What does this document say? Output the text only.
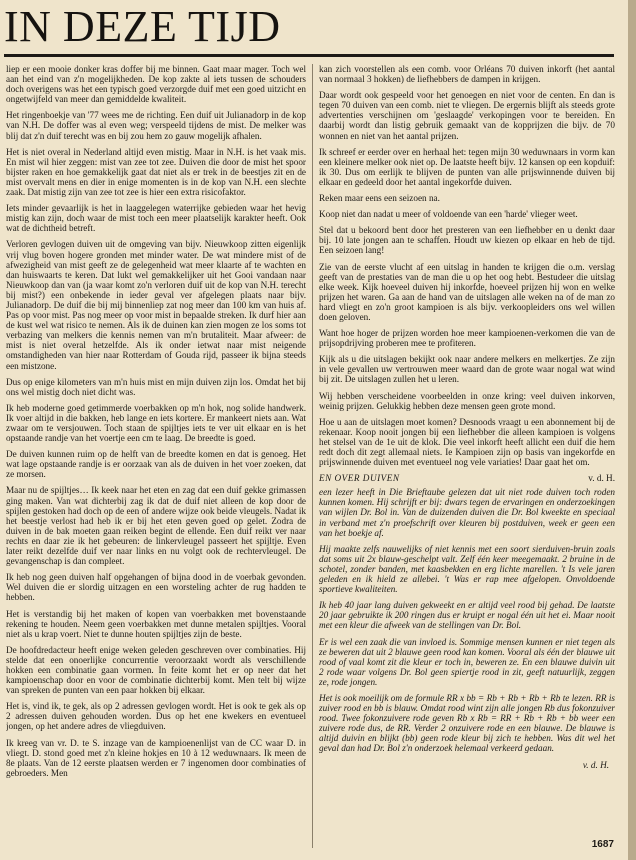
IN DEZE TIJD

liep er een mooie donker kras doffer bij me binnen. Gaat maar mager. Toch wel aan het eind van z'n mogelijkheden. De kop zakte al iets tussen de schouders doch overigens was het een typisch goed verzorgde duif met een goed uitzicht en ongetwijfeld van meer dan gemiddelde kwaliteit.

Het ringenboekje van '77 wees me de richting. Een duif uit Julianadorp in de kop van N.H. De doffer was al even weg; verspeeld tijdens de mist. De melker was blij dat z'n duif terecht was en bij zou hem zo gauw mogelijk afhalen.

Het is niet overal in Nederland altijd even mistig. Maar in N.H. is het vaak mis. En mist wil hier zeggen: mist van zee tot zee. Duiven die door de mist het spoor bijster raken en hoe gemakkelijk gaat dat niet als er trek in de beestjes zit en de mist overvalt mens en dier in enige momenten is in de kop van N.H. een slechte zaak. Dat mistig zijn van zee tot zee is hier een extra risicofaktor.

Iets minder gevaarlijk is het in laaggelegen waterrijke gebieden waar het hevig mistig kan zijn, doch waar de mist toch een meer plaatselijk karakter heeft. Ook wat de dichtheid betreft.

Verloren gevlogen duiven uit de omgeving van bijv. Nieuwkoop zitten eigenlijk vrij vlug boven hogere gronden met minder water. De wat mindere mist of de afwezigheid van mist geeft ze de gelegenheid wat meer klaarte af te wachten en dan huiswaarts te keren. Dat lukt wel gemakkelijker uit het Gooi vandaan naar Nieuwkoop dan van (ja waar komt zo'n verloren duif uit de kop van N.H. terecht bij mist?) een onbekende in ieder geval ver afgelegen plaats naar bijv. Julianadorp. De duif die bij mij binnenliep zat nog meer dan 100 km van huis af. Pas op voor mist. Pas nog meer op voor mist in bepaalde streken. Ik durf hier aan de kust wel wat risico te nemen. Als ik de duinen kan zien mogen ze los soms tot verbazing van melkers die kennis nemen van m'n brutaliteit. Maar afweer: de mist is niet overal hetzelfde. Als ik onder ietwat naar mist neigende omstandigheden van hier naar Rotterdam of Gouda rijd, passeer ik bijna steeds een mistzone.

Dus op enige kilometers van m'n huis mist en mijn duiven zijn los. Omdat het bij ons wel mistig doch niet dicht was.

Ik heb moderne goed getimmerde voerbakken op m'n hok, nog solide handwerk. Ik voer altijd in die bakken, heb lange en iets kortere. Er mankeert niets aan. Wat zwaar om te versjouwen. Toch staan de spijltjes iets te ver uit elkaar en is het opstaande randje van het voertje een cm te laag. De breedte is goed.

De duiven kunnen ruim op de helft van de breedte komen en dat is genoeg. Het wat lage opstaande randje is er oorzaak van als de duiven in het voer zoeken, dat ze morsen.

Maar nu de spijltjes… Ik keek naar het eten en zag dat een duif gekke grimassen ging maken. Van wat dichterbij zag ik dat de duif niet alleen de kop door de spijlen gestoken had doch op de een of andere wijze ook beide vleugels. Nadat ik het beestje verlost had heb ik er bij het eten geven goed op gelet. Zodra de duiven in de bak moeten gaan reiken begint de ellende. Een duif reikt ver naar rechts en daar zie ik het gebeuren: de linkervleugel passeert het spijltje. Even later reikt dezelfde duif ver naar links en nu volgt ook de rechtervleugel. De gevangenschap is dan compleet.

Ik heb nog geen duiven half opgehangen of bijna dood in de voerbak gevonden. Wel duiven die er slordig uitzagen en een worsteling achter de rug hadden te hebben.

Het is verstandig bij het maken of kopen van voerbakken met bovenstaande rekening te houden. Neem geen voerbakken met dunne metalen spijltjes. Vooral niet als u krap voert. Niet te dunne houten spijltjes zijn de beste.

De hoofdredacteur heeft enige weken geleden geschreven over combinaties. Hij stelde dat een onoerlijke concurrentie veroorzaakt wordt als verschillende hokken een combinatie gaan vormen. In feite komt het er op neer dat het kampioenschap door en voor de combinatie dichterbij komt. Men telt bij wijze van spreken de punten van een paar hokken bij elkaar.

Het is, vind ik, te gek, als op 2 adressen gevlogen wordt. Het is ook te gek als op 2 adressen duiven gehouden worden. Dus op het ene kwekers en eventueel jongen, op het andere adres de vliegduiven.

Ik kreeg van vr. D. te S. inzage van de kampioenenlijst van de CC waar D. in vliegt. D. stond goed met z'n kleine hokjes en 10 à 12 weduwnaars. Ik meen de 8e plaats. Van de 12 eerste plaatsen werden er 7 ingenomen door combinaties of gebroeders. Men

kan zich voorstellen als een comb. voor Orléans 70 duiven inkorft (het aantal van normaal 3 hokken) de liefhebbers de dampen in krijgen.

Daar wordt ook gespeeld voor het genoegen en niet voor de centen. En dan is tegen 70 duiven van een comb. niet te vliegen. De ergernis blijft als steeds grote advertenties verschijnen om 'geslaagde' verkopingen voor te bereiden. En daarbij wordt dan listig gebruik gemaakt van de kopprijzen die bijv. de 70 wonnen en niet van het aantal prijzen.

Ik schreef er eerder over en herhaal het: tegen mijn 30 weduwnaars in vorm kan een kleinere melker ook niet op. De laatste heeft bijv. 12 kansen op een kopduif: ik 30. Dus om eerlijk te blijven de punten van alle prijswinnende duiven bij elkaar en gedeeld door het aantal ingekorfde duiven.

Reken maar eens een seizoen na.

Koop niet dan nadat u meer of voldoende van een 'harde' vlieger weet.

Stel dat u bekoord bent door het presteren van een liefhebber en u denkt daar bij. 10 late jongen aan te schaffen. Houdt uw kiezen op elkaar en heb de tijd. Een seizoen lang!

Zie van de eerste vlucht af een uitslag in handen te krijgen die o.m. verslag geeft van de prestaties van de man die u op het oog hebt. Bestudeer die uitslag elke week. Kijk hoeveel duiven hij inkorfde, hoeveel prijzen hij won en welke prijzen het waren. Ga aan de hand van de uitslagen alle weken na of de man zo hard vliegt en zo'n groot kampioen is als bijv. verkoopleiders ons wel willen doen geloven.

Want hoe hoger de prijzen worden hoe meer kampioenen-verkomen die van de prijsopdrijving proberen mee te profiteren.

Kijk als u die uitslagen bekijkt ook naar andere melkers en melkertjes. Ze zijn in vele gevallen uw vertrouwen meer waard dan de grote waar nogal wat wind bij zit. De uitslagen zullen het u leren.

Wij hebben verscheidene voorbeelden in onze kring: veel duiven inkorven, weinig prijzen. Gelukkig hebben deze mensen geen grote mond.

Hoe u aan de uitslagen moet komen? Desnoods vraagt u een abonnement bij de rekenaar. Koop nooit jongen bij een liefhebber die alleen kampioen is volgens het stelsel van de 1e uit de klok. Die veel inkorft heeft allicht een duif die hem redt doch dit zegt allemaal niets. Ie Kampioen zijn op basis van ingekorfde en prijswinnende duiven met eventueel nog vele variaties! Daar gaat het om.

EN OVER DUIVEN	v. d. H.

een lezer heeft in Die Brieftaube gelezen dat uit niet rode duiven toch roden kunnen komen. Hij schrijft er bij: dwars tegen de ervaringen en onderzoekingen van wijlen Dr. Bol in. Van de duizenden duiven die Dr. Bol kweekte en speciaal in verband met z'n proefschrift over kleuren bij postduiven, week er geen een van het boekje af.

Hij maakte zelfs nauwelijks of niet kennis met een soort sierduiven-bruin zoals dat soms uit 2x blauw-geschelpt valt. Zelf één keer meegemaakt. 2 bruine in de schotel, zonder banden, met kaasbekken en erg lichte marellen. 't Is vele jaren geleden en ik hield ze allebei. 't Was er rap mee afgelopen. Onvoldoende sportieve kwaliteiten.

Ik heb 40 jaar lang duiven gekweekt en er altijd veel rood bij gehad. De laatste 20 jaar gebruikte ik 200 ringen dus er kruipt er nogal één uit het ei. Maar nooit met een kleur die afweek van de stellingen van Dr. Bol.

Er is wel een zaak die van invloed is. Sommige mensen kunnen er niet tegen als ze beweren dat uit 2 blauwe geen rood kan komen. Vooral als één der blauwe uit rood of vaal komt zit die kleur er toch in, beweren ze. En een blauwe duivin uit 2 rode waar volgens Dr. Bol geen spiertje rood in zit, geeft natuurlijk, zeggen ze, rode jongen.

Het is ook moeilijk om de formule RR x bb = Rb + Rb + Rb + Rb te lezen. RR is zuiver rood en bb is blauw. Omdat rood wint zijn alle jongen Rb dus fokonzuiver rood. Twee fokonzuivere rode geven Rb x Rb = RR + Rb + Rb + bb weer een zuivere rode dus, de RR. Verder 2 onzuivere rode en een blauwe. De blauwe is altijd duivin en blijkt (bb) geen rode kleur bij zich te hebben. Was dit wel het geval dan had Dr. Bol z'n onderzoek helemaal verkeerd gedaan.

v. d. H.

1687
